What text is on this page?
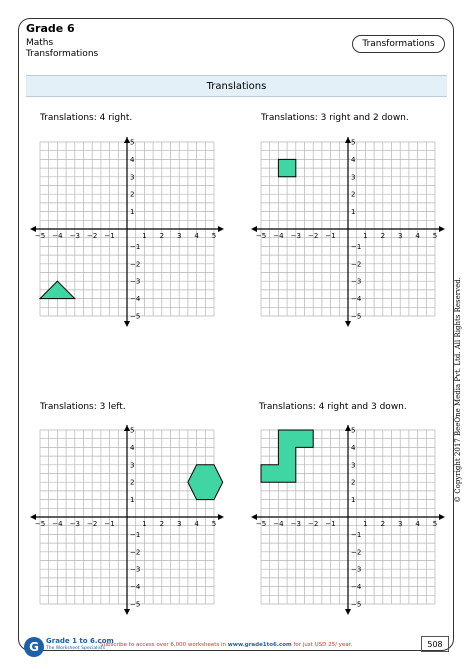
Grade 6
Maths
Transformations
Transformations
Translations
Translations: 4 right.	Translations: 3 right and 2 down.
Translations: 3 left.	Translations: 4 right and 3 down.
−5
−5
−4
−4
−3
−3
−2
−2
−1
−1
1
1
2
2
3
3
4
4
5
5
−5
−5
−4
−4
−3
−3
−2
−2
−1
−1
1
1
2
2
3
3
4
4
5
5
−5
−5
−4
−4
−3
−3
−2
−2
−1
−1
1
1
2
2
3
3
4
4
5
5
−5
−5
−4
−4
−3
−3
−2
−2
−1
−1
1
1
2
2
3
3
4
4
5
5	© Copyright 2017 BeeOne Media Pvt. Ltd. All Rights Reserved.
G	Grade 1 to 6.com
The Worksheet Specialists
Subscribe to access over 6,000 worksheets in www.grade1to6.com for just USD 25/ year.	508
